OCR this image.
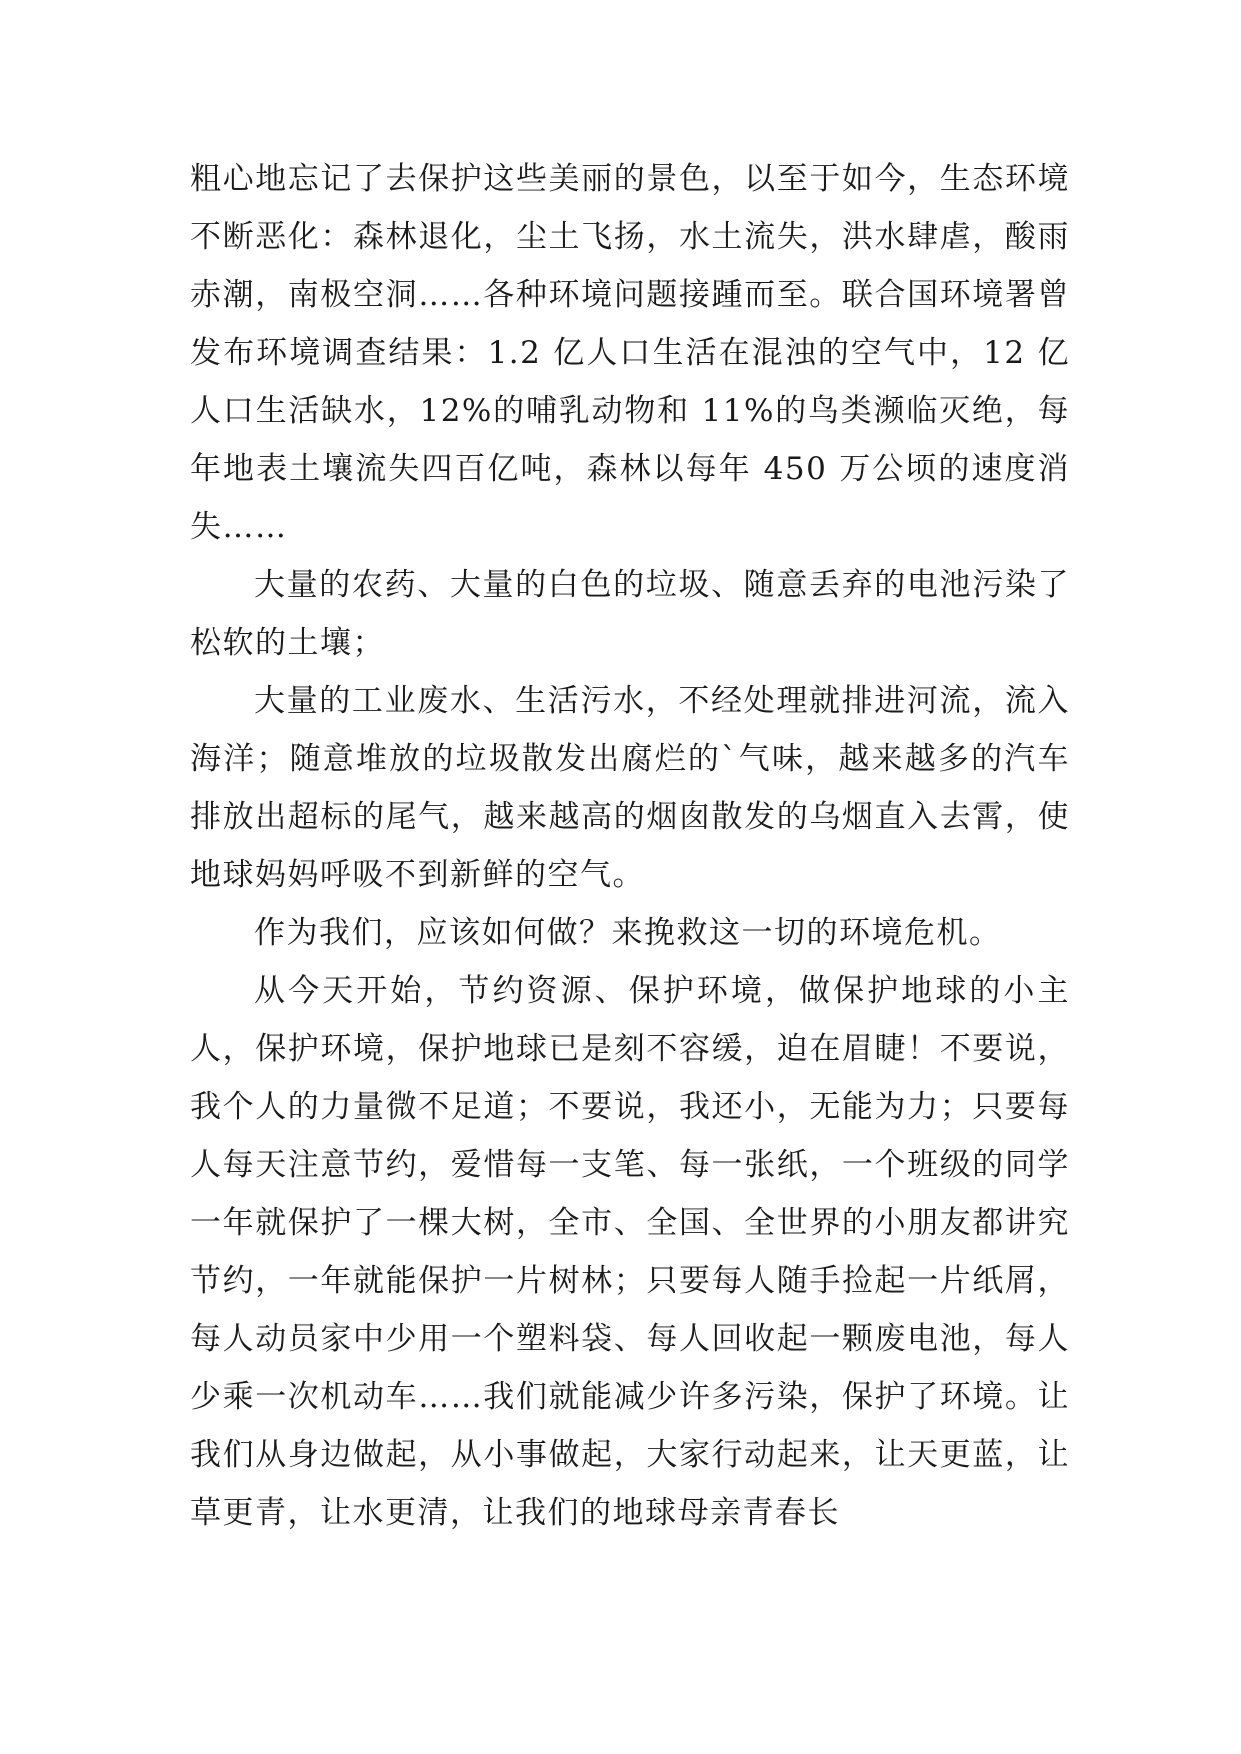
粗心地忘记了去保护这些美丽的景色，以至于如今，生态环境不断恶化：森林退化，尘土飞扬，水土流失，洪水肆虐，酸雨赤潮，南极空洞……各种环境问题接踵而至。联合国环境署曾发布环境调查结果：1.2 亿人口生活在混浊的空气中，12 亿人口生活缺水，12%的哺乳动物和 11%的鸟类濒临灭绝，每年地表土壤流失四百亿吨，森林以每年 450 万公顷的速度消失……

大量的农药、大量的白色的垃圾、随意丢弃的电池污染了松软的土壤；

大量的工业废水、生活污水，不经处理就排进河流，流入海洋；随意堆放的垃圾散发出腐烂的`气味，越来越多的汽车排放出超标的尾气，越来越高的烟囱散发的乌烟直入去霄，使地球妈妈呼吸不到新鲜的空气。

作为我们，应该如何做？来挽救这一切的环境危机。

从今天开始，节约资源、保护环境，做保护地球的小主人，保护环境，保护地球已是刻不容缓，迫在眉睫！不要说，我个人的力量微不足道；不要说，我还小，无能为力；只要每人每天注意节约，爱惜每一支笔、每一张纸，一个班级的同学一年就保护了一棵大树，全市、全国、全世界的小朋友都讲究节约，一年就能保护一片树林；只要每人随手捡起一片纸屑，每人动员家中少用一个塑料袋、每人回收起一颗废电池，每人少乘一次机动车……我们就能减少许多污染，保护了环境。让我们从身边做起，从小事做起，大家行动起来，让天更蓝，让草更青，让水更清，让我们的地球母亲青春长
